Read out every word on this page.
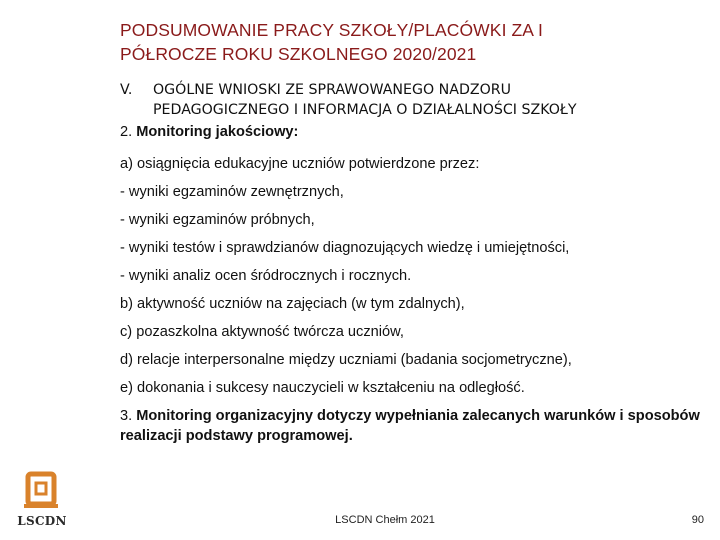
PODSUMOWANIE PRACY SZKOŁY/PLACÓWKI ZA I
PÓŁROCZE ROKU SZKOLNEGO 2020/2021
V.	OGÓLNE WNIOSKI ZE SPRAWOWANEGO NADZORU
PEDAGOGICZNEGO I INFORMACJA O DZIAŁALNOŚCI SZKOŁY
2. Monitoring jakościowy:
a) osiągnięcia edukacyjne uczniów potwierdzone przez:
- wyniki egzaminów zewnętrznych,
- wyniki egzaminów próbnych,
- wyniki testów i sprawdzianów diagnozujących wiedzę i umiejętności,
- wyniki analiz ocen śródrocznych i rocznych.
b) aktywność uczniów na zajęciach (w tym zdalnych),
c) pozaszkolna aktywność twórcza uczniów,
d) relacje interpersonalne między uczniami (badania socjometryczne),
e) dokonania i sukcesy nauczycieli w kształceniu na odległość.
3. Monitoring organizacyjny dotyczy wypełniania zalecanych warunków i sposobów realizacji podstawy programowej.
LSCDN	LSCDN Chełm 2021	90
